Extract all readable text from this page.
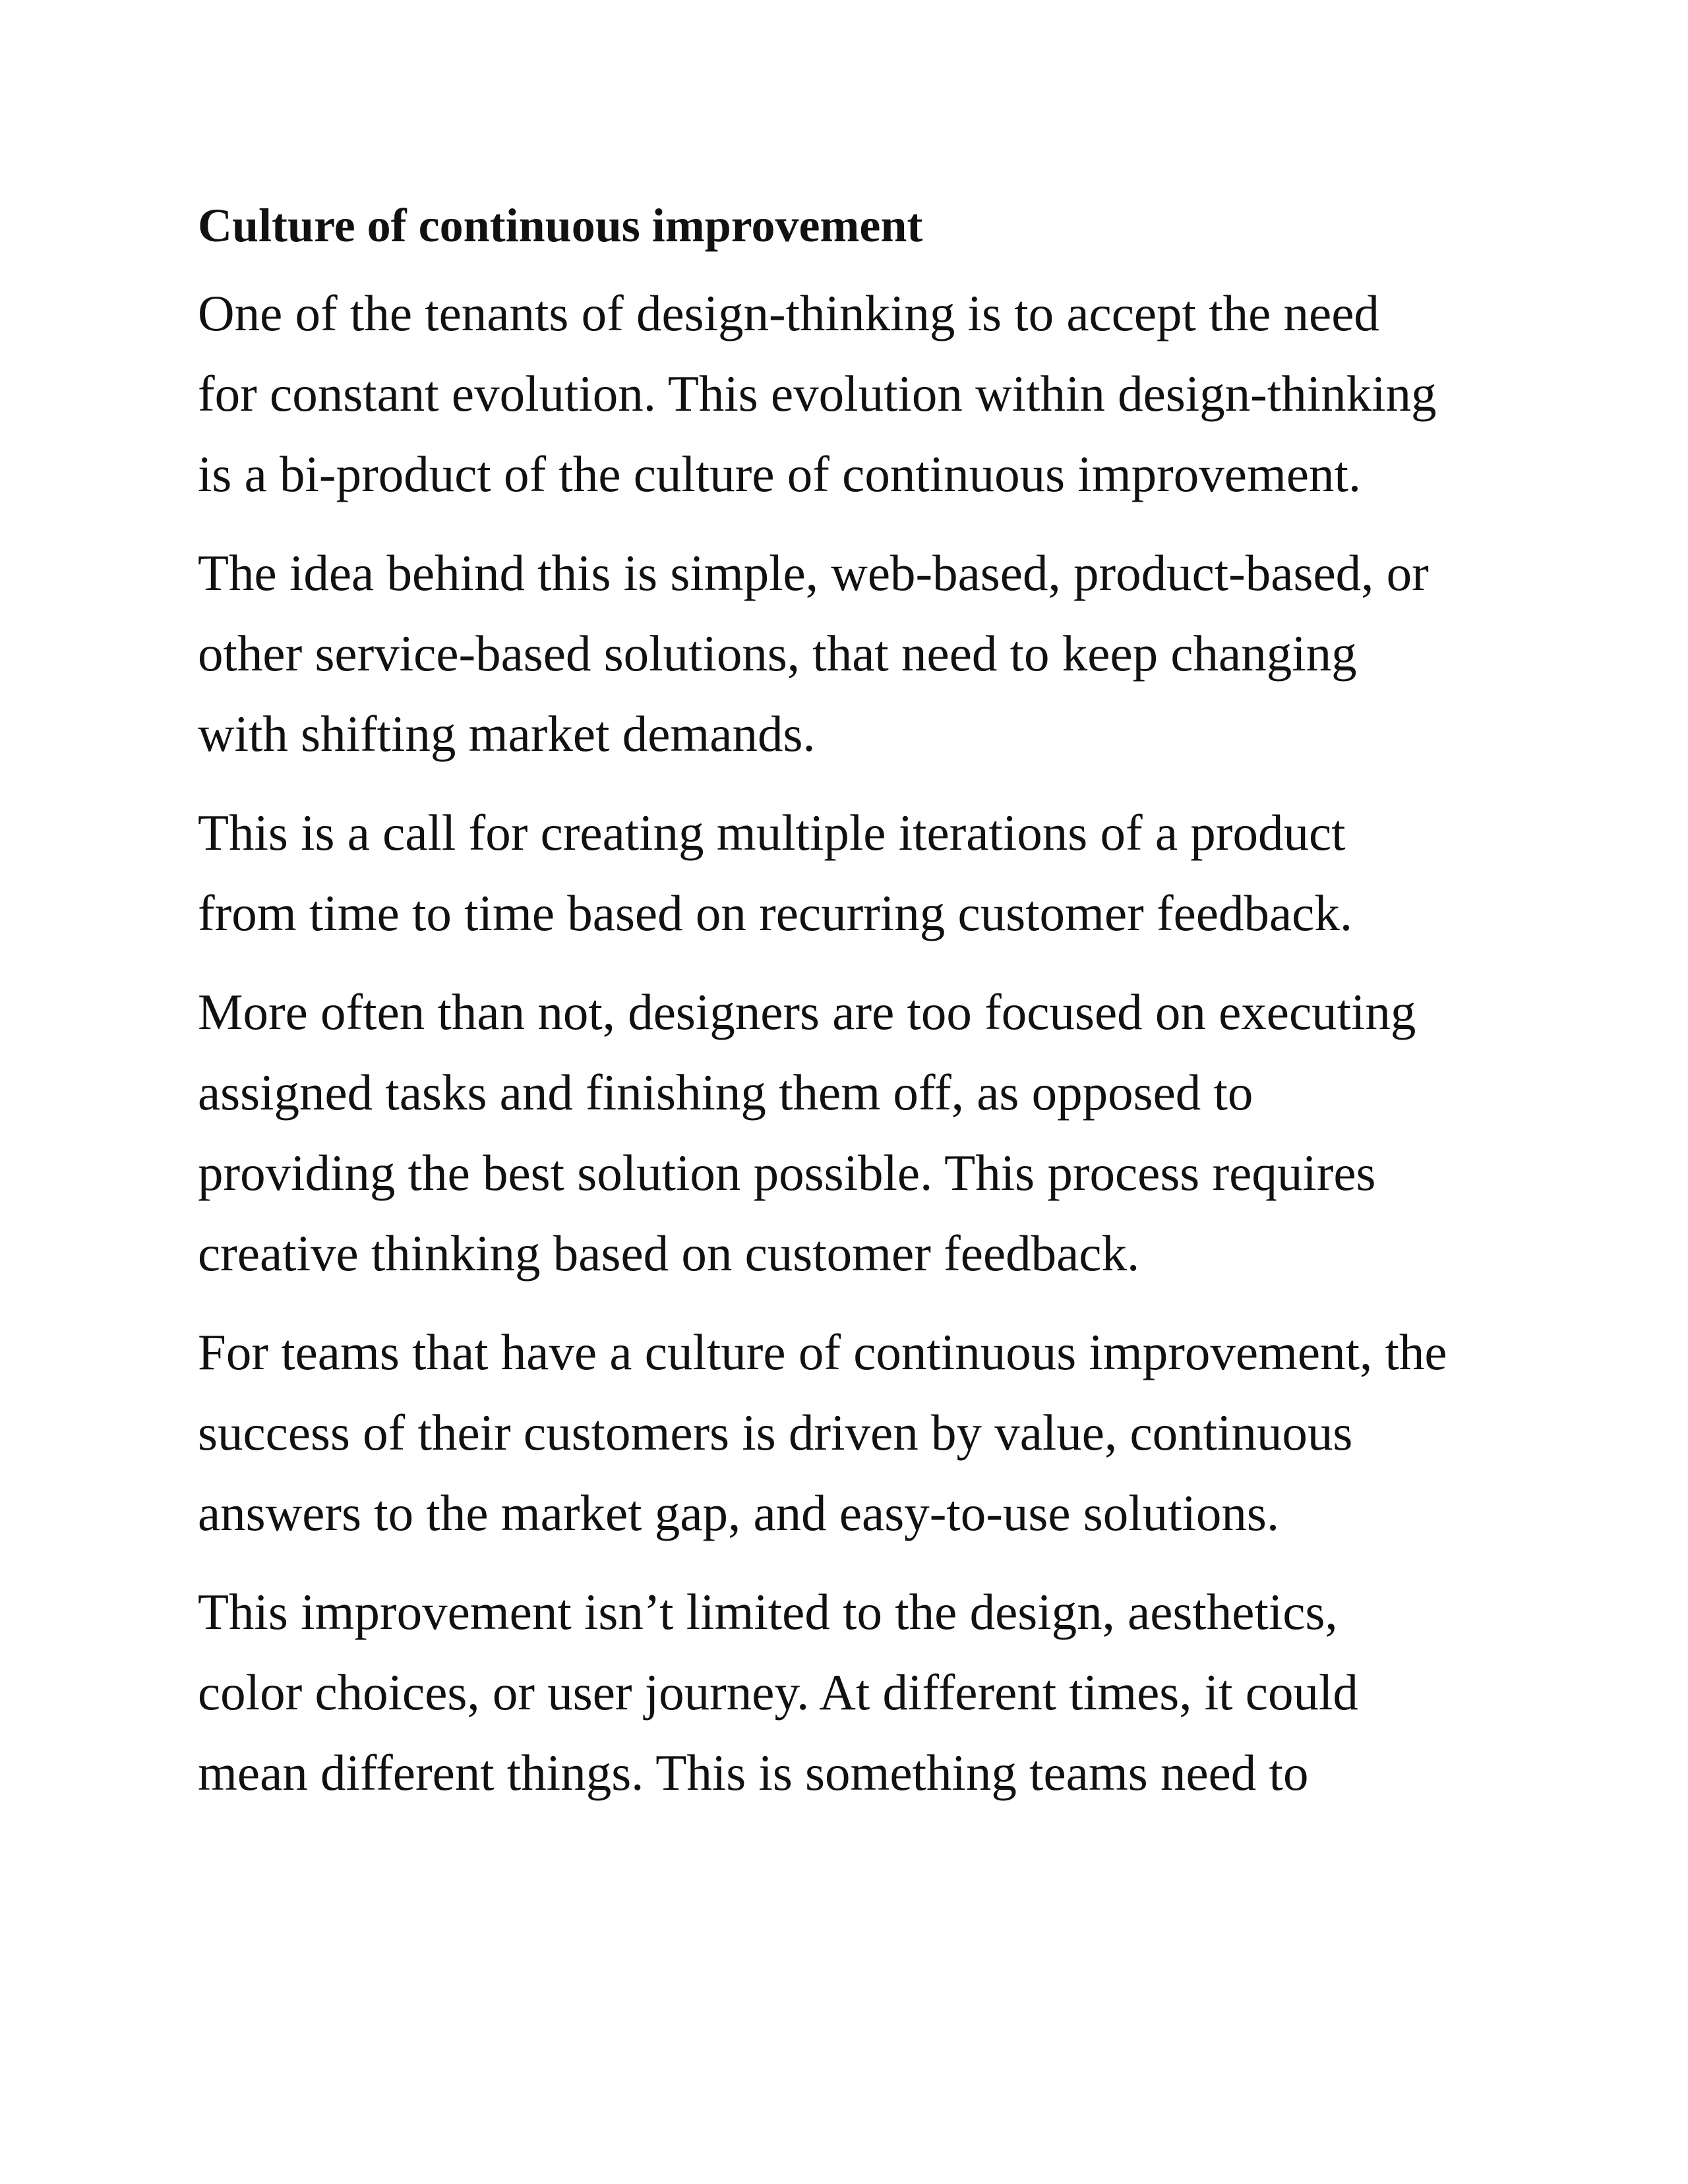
Culture of continuous improvement
One of the tenants of design-thinking is to accept the need
for constant evolution. This evolution within design-thinking
is a bi-product of the culture of continuous improvement.
The idea behind this is simple, web-based, product-based, or
other service-based solutions, that need to keep changing
with shifting market demands.
This is a call for creating multiple iterations of a product
from time to time based on recurring customer feedback.
More often than not, designers are too focused on executing
assigned tasks and finishing them off, as opposed to
providing the best solution possible. This process requires
creative thinking based on customer feedback.
For teams that have a culture of continuous improvement, the
success of their customers is driven by value, continuous
answers to the market gap, and easy-to-use solutions.
This improvement isn’t limited to the design, aesthetics,
color choices, or user journey. At different times, it could
mean different things. This is something teams need to
